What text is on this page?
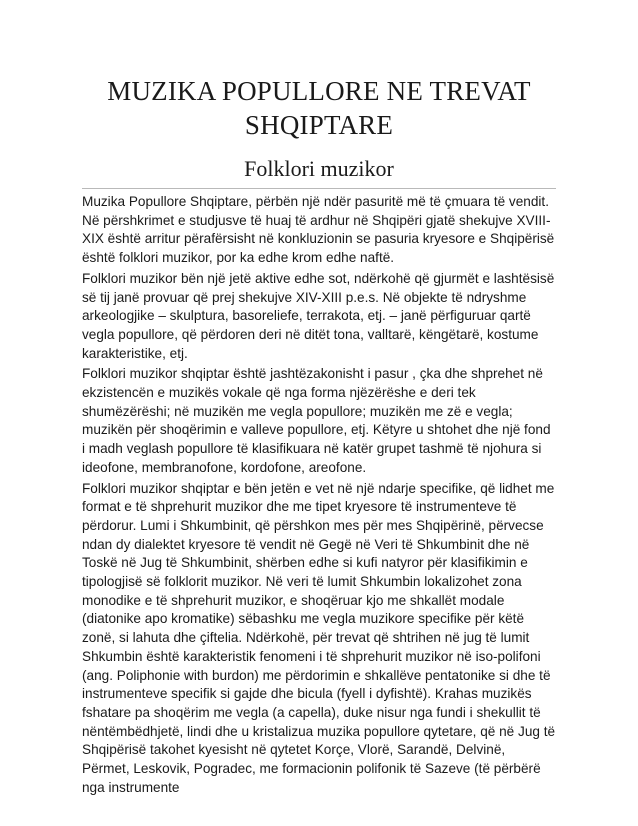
MUZIKA POPULLORE NE TREVAT SHQIPTARE
Folklori muzikor

Muzika Popullore Shqiptare, përbën një ndër pasuritë më të çmuara të vendit. Në përshkrimet e studjusve të huaj të ardhur në Shqipëri gjatë shekujve XVIII-XIX është arritur përafërsisht në konkluzionin se pasuria kryesore e Shqipërisë është folklori muzikor, por ka edhe krom edhe naftë.

Folklori muzikor bën një jetë aktive edhe sot, ndërkohë që gjurmët e lashtësisë së tij janë provuar që prej shekujve XIV-XIII p.e.s. Në objekte të ndryshme arkeologjike – skulptura, basoreliefe, terrakota, etj. – janë përfiguruar qartë vegla popullore, që përdoren deri në ditët tona, valltarë, këngëtarë, kostume karakteristike, etj.

Folklori muzikor shqiptar është jashtëzakonisht i pasur , çka dhe shprehet në ekzistencën e muzikës vokale që nga forma njëzërëshe e deri tek shumëzërëshi; në muzikën me vegla popullore; muzikën me zë e vegla; muzikën për shoqërimin e valleve popullore, etj. Këtyre u shtohet dhe një fond i madh veglash popullore të klasifikuara në katër grupet tashmë të njohura si ideofone, membranofone, kordofone, areofone.

Folklori muzikor shqiptar e bën jetën e vet në një ndarje specifike, që lidhet me format e të shprehurit muzikor dhe me tipet kryesore të instrumenteve të përdorur. Lumi i Shkumbinit, që përshkon mes për mes Shqipërinë, përvecse ndan dy dialektet kryesore të vendit në Gegë në Veri të Shkumbinit dhe në Toskë në Jug të Shkumbinit, shërben edhe si kufi natyror për klasifikimin e tipologjisë së folklorit muzikor. Në veri të lumit Shkumbin lokalizohet zona monodike e të shprehurit muzikor, e shoqëruar kjo me shkallët modale (diatonike apo kromatike) sëbashku me vegla muzikore specifike për këtë zonë, si lahuta dhe çiftelia. Ndërkohë, për trevat që shtrihen në jug të lumit Shkumbin është karakteristik fenomeni i të shprehurit muzikor në iso-polifoni (ang. Poliphonie with burdon) me përdorimin e shkallëve pentatonike si dhe të instrumenteve specifik si gajde dhe bicula (fyell i dyfishtë). Krahas muzikës fshatare pa shoqërim me vegla (a capella), duke nisur nga fundi i shekullit të nëntëmbëdhjetë, lindi dhe u kristalizua muzika popullore qytetare, që në Jug të Shqipërisë takohet kyesisht në qytetet Korçe, Vlorë, Sarandë, Delvinë, Përmet, Leskovik, Pogradec, me formacionin polifonik të Sazeve (të përbërë nga instrumente
